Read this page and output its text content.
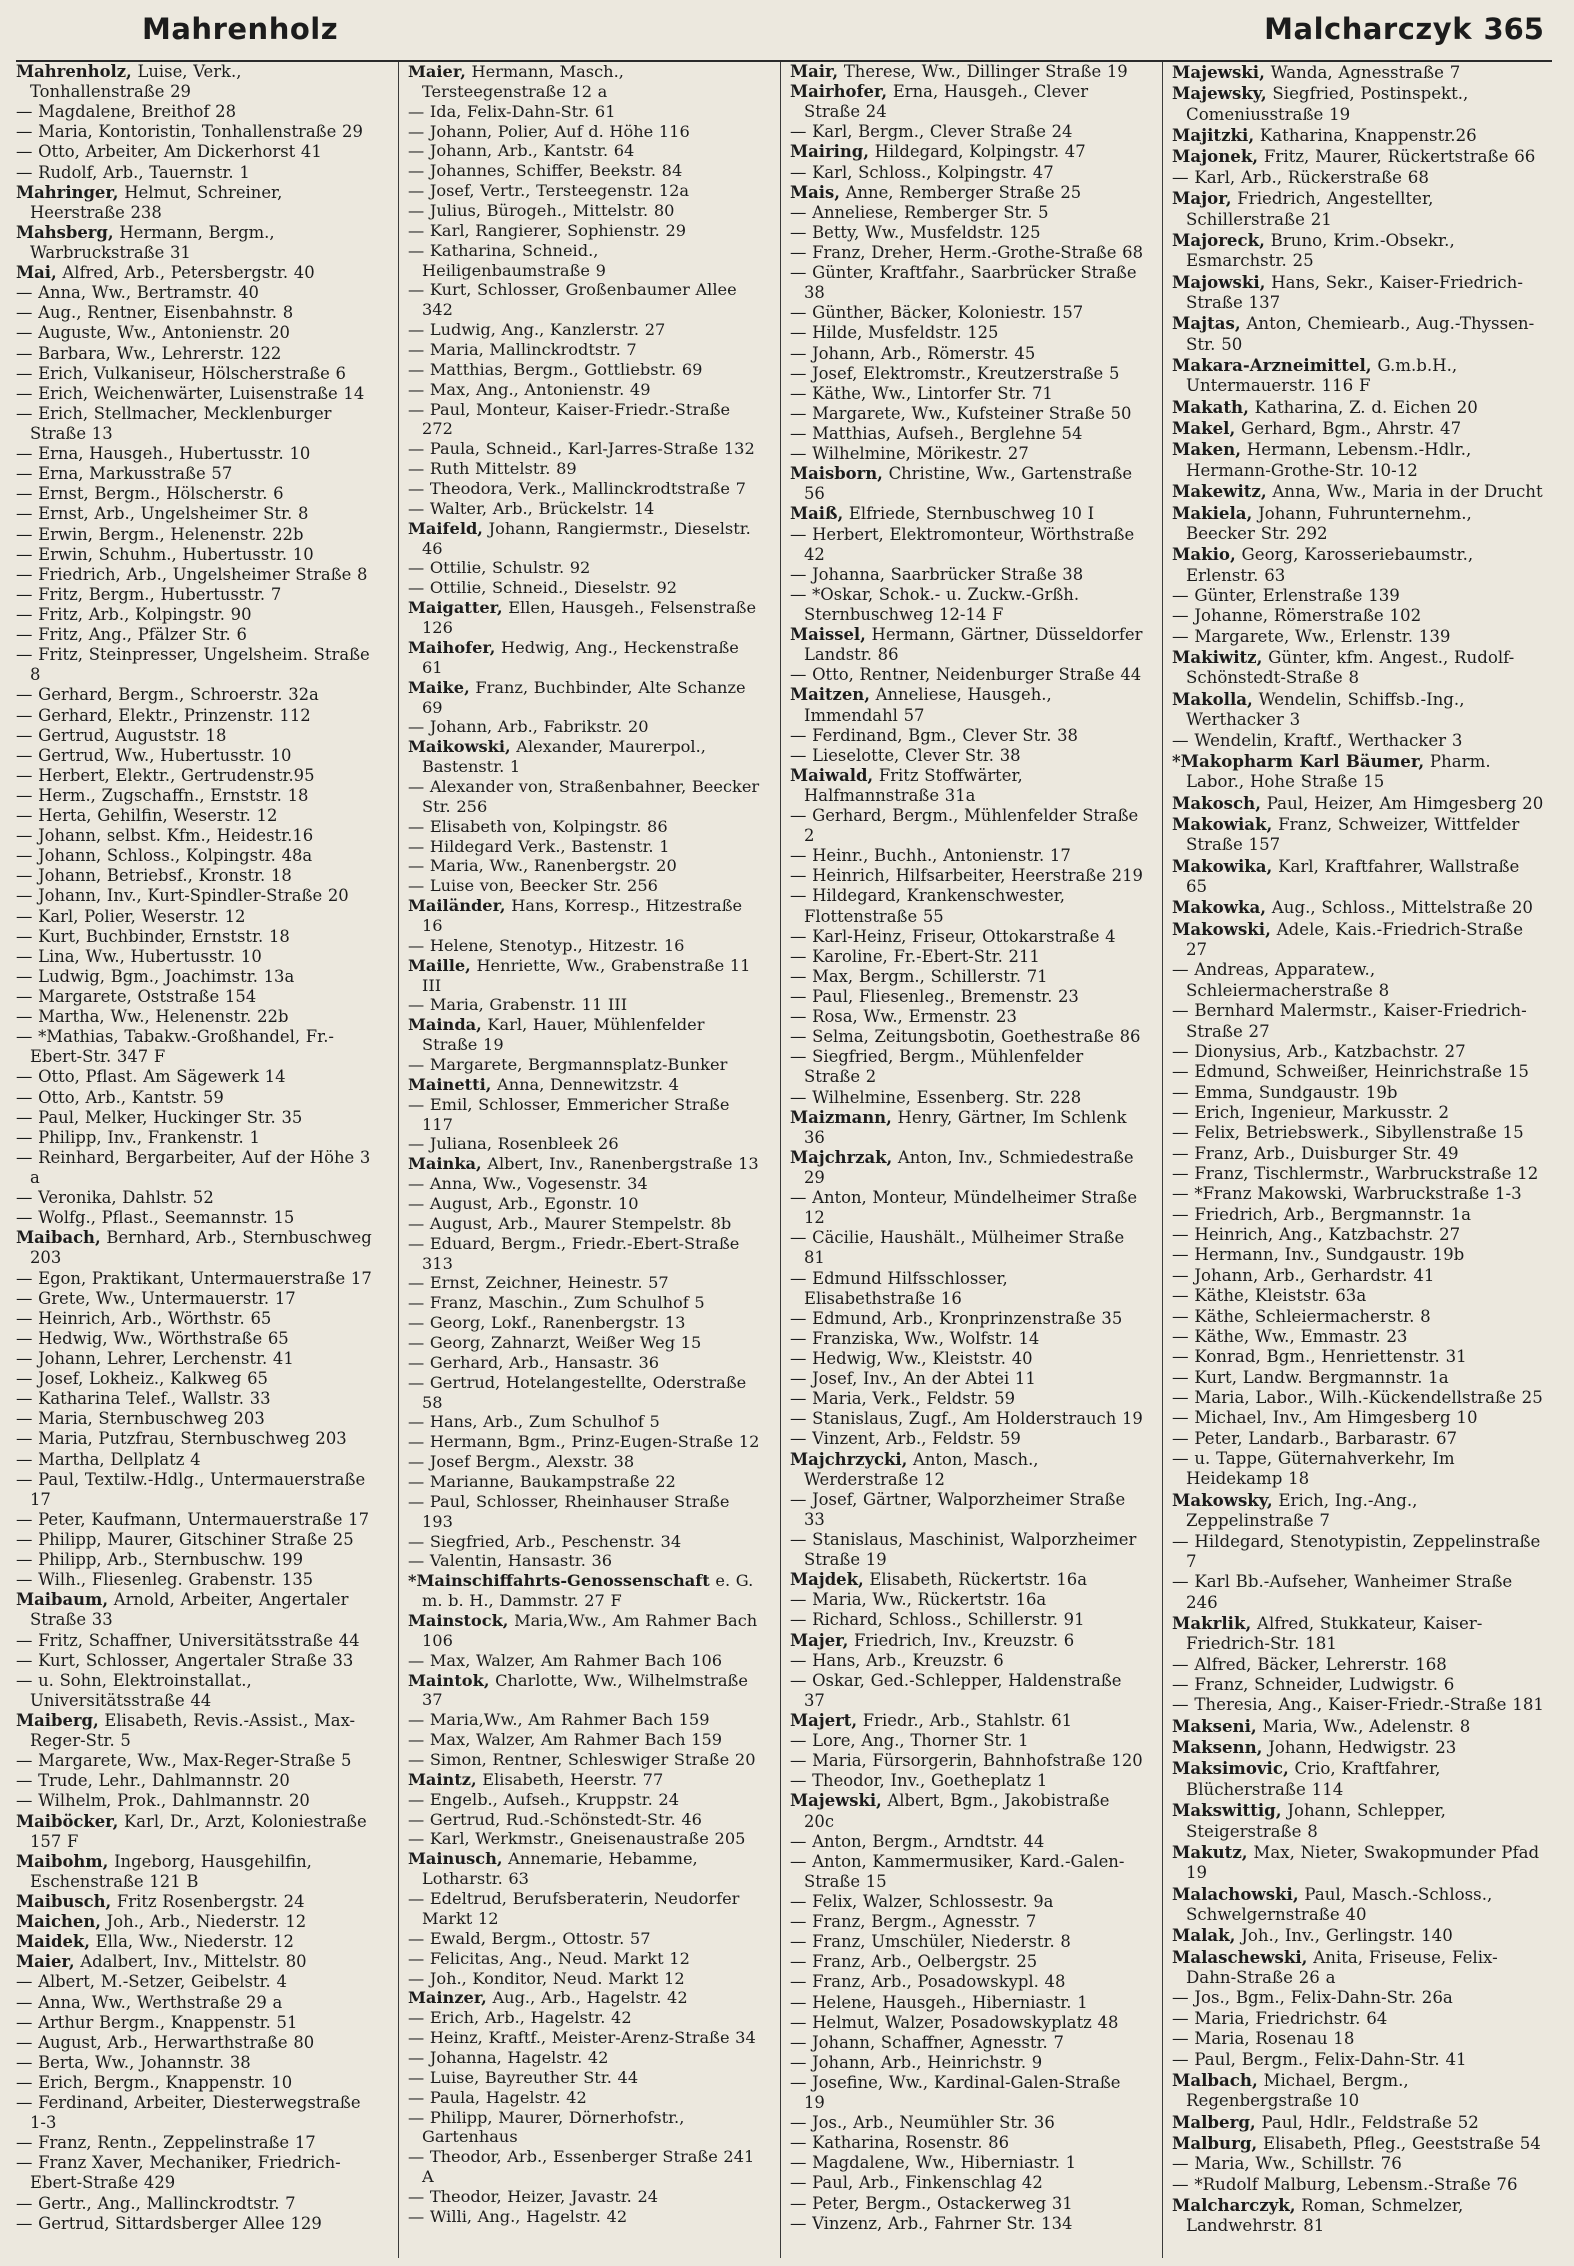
Mahrenholz	Malcharczyk 365

Mahrenholz, Luise, Verk., Tonhallenstraße 29

— Magdalene, Breithof 28

— Maria, Kontoristin, Tonhallenstraße 29

— Otto, Arbeiter, Am Dickerhorst 41

— Rudolf, Arb., Tauernstr. 1

Mahringer, Helmut, Schreiner, Heerstraße 238

Mahsberg, Hermann, Bergm., Warbruckstraße 31

Mai, Alfred, Arb., Petersbergstr. 40

— Anna, Ww., Bertramstr. 40

— Aug., Rentner, Eisenbahnstr. 8

— Auguste, Ww., Antonienstr. 20

— Barbara, Ww., Lehrerstr. 122

— Erich, Vulkaniseur, Hölscherstraße 6

— Erich, Weichenwärter, Luisenstraße 14

— Erich, Stellmacher, Mecklenburger Straße 13

— Erna, Hausgeh., Hubertusstr. 10

— Erna, Markusstraße 57

— Ernst, Bergm., Hölscherstr. 6

— Ernst, Arb., Ungelsheimer Str. 8

— Erwin, Bergm., Helenenstr. 22b

— Erwin, Schuhm., Hubertusstr. 10

— Friedrich, Arb., Ungelsheimer Straße 8

— Fritz, Bergm., Hubertusstr. 7

— Fritz, Arb., Kolpingstr. 90

— Fritz, Ang., Pfälzer Str. 6

— Fritz, Steinpresser, Ungelsheim. Straße 8

— Gerhard, Bergm., Schroerstr. 32a

— Gerhard, Elektr., Prinzenstr. 112

— Gertrud, Auguststr. 18

— Gertrud, Ww., Hubertusstr. 10

— Herbert, Elektr., Gertrudenstr.95

— Herm., Zugschaffn., Ernststr. 18

— Herta, Gehilfin, Weserstr. 12

— Johann, selbst. Kfm., Heidestr.16

— Johann, Schloss., Kolpingstr. 48a

— Johann, Betriebsf., Kronstr. 18

— Johann, Inv., Kurt-Spindler-Straße 20

— Karl, Polier, Weserstr. 12

— Kurt, Buchbinder, Ernststr. 18

— Lina, Ww., Hubertusstr. 10

— Ludwig, Bgm., Joachimstr. 13a

— Margarete, Oststraße 154

— Martha, Ww., Helenenstr. 22b

— *Mathias, Tabakw.-Großhandel, Fr.-Ebert-Str. 347 F

— Otto, Pflast. Am Sägewerk 14

— Otto, Arb., Kantstr. 59

— Paul, Melker, Huckinger Str. 35

— Philipp, Inv., Frankenstr. 1

— Reinhard, Bergarbeiter, Auf der Höhe 3 a

— Veronika, Dahlstr. 52

— Wolfg., Pflast., Seemannstr. 15

Maibach, Bernhard, Arb., Sternbuschweg 203

— Egon, Praktikant, Untermauerstraße 17

— Grete, Ww., Untermauerstr. 17

— Heinrich, Arb., Wörthstr. 65

— Hedwig, Ww., Wörthstraße 65

— Johann, Lehrer, Lerchenstr. 41

— Josef, Lokheiz., Kalkweg 65

— Katharina Telef., Wallstr. 33

— Maria, Sternbuschweg 203

— Maria, Putzfrau, Sternbuschweg 203

— Martha, Dellplatz 4

— Paul, Textilw.-Hdlg., Untermauerstraße 17

— Peter, Kaufmann, Untermauerstraße 17

— Philipp, Maurer, Gitschiner Straße 25

— Philipp, Arb., Sternbuschw. 199

— Wilh., Fliesenleg. Grabenstr. 135

Maibaum, Arnold, Arbeiter, Angertaler Straße 33

— Fritz, Schaffner, Universitätsstraße 44

— Kurt, Schlosser, Angertaler Straße 33

— u. Sohn, Elektroinstallat., Universitätsstraße 44

Maiberg, Elisabeth, Revis.-Assist., Max-Reger-Str. 5

— Margarete, Ww., Max-Reger-Straße 5

— Trude, Lehr., Dahlmannstr. 20

— Wilhelm, Prok., Dahlmannstr. 20

Maiböcker, Karl, Dr., Arzt, Koloniestraße 157 F

Maibohm, Ingeborg, Hausgehilfin, Eschenstraße 121 B

Maibusch, Fritz Rosenbergstr. 24

Maichen, Joh., Arb., Niederstr. 12

Maidek, Ella, Ww., Niederstr. 12

Maier, Adalbert, Inv., Mittelstr. 80

— Albert, M.-Setzer, Geibelstr. 4

— Anna, Ww., Werthstraße 29 a

— Arthur Bergm., Knappenstr. 51

— August, Arb., Herwarthstraße 80

— Berta, Ww., Johannstr. 38

— Erich, Bergm., Knappenstr. 10

— Ferdinand, Arbeiter, Diesterwegstraße 1-3

— Franz, Rentn., Zeppelinstraße 17

— Franz Xaver, Mechaniker, Friedrich-Ebert-Straße 429

— Gertr., Ang., Mallinckrodtstr. 7

— Gertrud, Sittardsberger Allee 129

Maier, Hermann, Masch., Tersteegenstraße 12 a

— Ida, Felix-Dahn-Str. 61

— Johann, Polier, Auf d. Höhe 116

— Johann, Arb., Kantstr. 64

— Johannes, Schiffer, Beekstr. 84

— Josef, Vertr., Tersteegenstr. 12a

— Julius, Bürogeh., Mittelstr. 80

— Karl, Rangierer, Sophienstr. 29

— Katharina, Schneid., Heiligenbaumstraße 9

— Kurt, Schlosser, Großenbaumer Allee 342

— Ludwig, Ang., Kanzlerstr. 27

— Maria, Mallinckrodtstr. 7

— Matthias, Bergm., Gottliebstr. 69

— Max, Ang., Antonienstr. 49

— Paul, Monteur, Kaiser-Friedr.-Straße 272

— Paula, Schneid., Karl-Jarres-Straße 132

— Ruth Mittelstr. 89

— Theodora, Verk., Mallinckrodtstraße 7

— Walter, Arb., Brückelstr. 14

Maifeld, Johann, Rangiermstr., Dieselstr. 46

— Ottilie, Schulstr. 92

— Ottilie, Schneid., Dieselstr. 92

Maigatter, Ellen, Hausgeh., Felsenstraße 126

Maihofer, Hedwig, Ang., Heckenstraße 61

Maike, Franz, Buchbinder, Alte Schanze 69

— Johann, Arb., Fabrikstr. 20

Maikowski, Alexander, Maurerpol., Bastenstr. 1

— Alexander von, Straßenbahner, Beecker Str. 256

— Elisabeth von, Kolpingstr. 86

— Hildegard Verk., Bastenstr. 1

— Maria, Ww., Ranenbergstr. 20

— Luise von, Beecker Str. 256

Mailänder, Hans, Korresp., Hitzestraße 16

— Helene, Stenotyp., Hitzestr. 16

Maille, Henriette, Ww., Grabenstraße 11 III

— Maria, Grabenstr. 11 III

Mainda, Karl, Hauer, Mühlenfelder Straße 19

— Margarete, Bergmannsplatz-Bunker

Mainetti, Anna, Dennewitzstr. 4

— Emil, Schlosser, Emmericher Straße 117

— Juliana, Rosenbleek 26

Mainka, Albert, Inv., Ranenbergstraße 13

— Anna, Ww., Vogesenstr. 34

— August, Arb., Egonstr. 10

— August, Arb., Maurer Stempelstr. 8b

— Eduard, Bergm., Friedr.-Ebert-Straße 313

— Ernst, Zeichner, Heinestr. 57

— Franz, Maschin., Zum Schulhof 5

— Georg, Lokf., Ranenbergstr. 13

— Georg, Zahnarzt, Weißer Weg 15

— Gerhard, Arb., Hansastr. 36

— Gertrud, Hotelangestellte, Oderstraße 58

— Hans, Arb., Zum Schulhof 5

— Hermann, Bgm., Prinz-Eugen-Straße 12

— Josef Bergm., Alexstr. 38

— Marianne, Baukampstraße 22

— Paul, Schlosser, Rheinhauser Straße 193

— Siegfried, Arb., Peschenstr. 34

— Valentin, Hansastr. 36

*Mainschiffahrts-Genossenschaft e. G. m. b. H., Dammstr. 27 F

Mainstock, Maria,Ww., Am Rahmer Bach 106

— Max, Walzer, Am Rahmer Bach 106

Maintok, Charlotte, Ww., Wilhelmstraße 37

— Maria,Ww., Am Rahmer Bach 159

— Max, Walzer, Am Rahmer Bach 159

— Simon, Rentner, Schleswiger Straße 20

Maintz, Elisabeth, Heerstr. 77

— Engelb., Aufseh., Kruppstr. 24

— Gertrud, Rud.-Schönstedt-Str. 46

— Karl, Werkmstr., Gneisenaustraße 205

Mainusch, Annemarie, Hebamme, Lotharstr. 63

— Edeltrud, Berufsberaterin, Neudorfer Markt 12

— Ewald, Bergm., Ottostr. 57

— Felicitas, Ang., Neud. Markt 12

— Joh., Konditor, Neud. Markt 12

Mainzer, Aug., Arb., Hagelstr. 42

— Erich, Arb., Hagelstr. 42

— Heinz, Kraftf., Meister-Arenz-Straße 34

— Johanna, Hagelstr. 42

— Luise, Bayreuther Str. 44

— Paula, Hagelstr. 42

— Philipp, Maurer, Dörnerhofstr., Gartenhaus

— Theodor, Arb., Essenberger Straße 241 A

— Theodor, Heizer, Javastr. 24

— Willi, Ang., Hagelstr. 42

Mair, Therese, Ww., Dillinger Straße 19

Mairhofer, Erna, Hausgeh., Clever Straße 24

— Karl, Bergm., Clever Straße 24

Mairing, Hildegard, Kolpingstr. 47

— Karl, Schloss., Kolpingstr. 47

Mais, Anne, Remberger Straße 25

— Anneliese, Remberger Str. 5

— Betty, Ww., Musfeldstr. 125

— Franz, Dreher, Herm.-Grothe-Straße 68

— Günter, Kraftfahr., Saarbrücker Straße 38

— Günther, Bäcker, Koloniestr. 157

— Hilde, Musfeldstr. 125

— Johann, Arb., Römerstr. 45

— Josef, Elektromstr., Kreutzerstraße 5

— Käthe, Ww., Lintorfer Str. 71

— Margarete, Ww., Kufsteiner Straße 50

— Matthias, Aufseh., Berglehne 54

— Wilhelmine, Mörikestr. 27

Maisborn, Christine, Ww., Gartenstraße 56

Maiß, Elfriede, Sternbuschweg 10 I

— Herbert, Elektromonteur, Wörthstraße 42

— Johanna, Saarbrücker Straße 38

— *Oskar, Schok.- u. Zuckw.-Grßh. Sternbuschweg 12-14 F

Maissel, Hermann, Gärtner, Düsseldorfer Landstr. 86

— Otto, Rentner, Neidenburger Straße 44

Maitzen, Anneliese, Hausgeh., Immendahl 57

— Ferdinand, Bgm., Clever Str. 38

— Lieselotte, Clever Str. 38

Maiwald, Fritz Stoffwärter, Halfmannstraße 31a

— Gerhard, Bergm., Mühlenfelder Straße 2

— Heinr., Buchh., Antonienstr. 17

— Heinrich, Hilfsarbeiter, Heerstraße 219

— Hildegard, Krankenschwester, Flottenstraße 55

— Karl-Heinz, Friseur, Ottokarstraße 4

— Karoline, Fr.-Ebert-Str. 211

— Max, Bergm., Schillerstr. 71

— Paul, Fliesenleg., Bremenstr. 23

— Rosa, Ww., Ermenstr. 23

— Selma, Zeitungsbotin, Goethestraße 86

— Siegfried, Bergm., Mühlenfelder Straße 2

— Wilhelmine, Essenberg. Str. 228

Maizmann, Henry, Gärtner, Im Schlenk 36

Majchrzak, Anton, Inv., Schmiedestraße 29

— Anton, Monteur, Mündelheimer Straße 12

— Cäcilie, Haushält., Mülheimer Straße 81

— Edmund Hilfsschlosser, Elisabethstraße 16

— Edmund, Arb., Kronprinzenstraße 35

— Franziska, Ww., Wolfstr. 14

— Hedwig, Ww., Kleiststr. 40

— Josef, Inv., An der Abtei 11

— Maria, Verk., Feldstr. 59

— Stanislaus, Zugf., Am Holderstrauch 19

— Vinzent, Arb., Feldstr. 59

Majchrzycki, Anton, Masch., Werderstraße 12

— Josef, Gärtner, Walporzheimer Straße 33

— Stanislaus, Maschinist, Walporzheimer Straße 19

Majdek, Elisabeth, Rückertstr. 16a

— Maria, Ww., Rückertstr. 16a

— Richard, Schloss., Schillerstr. 91

Majer, Friedrich, Inv., Kreuzstr. 6

— Hans, Arb., Kreuzstr. 6

— Oskar, Ged.-Schlepper, Haldenstraße 37

Majert, Friedr., Arb., Stahlstr. 61

— Lore, Ang., Thorner Str. 1

— Maria, Fürsorgerin, Bahnhofstraße 120

— Theodor, Inv., Goetheplatz 1

Majewski, Albert, Bgm., Jakobistraße 20c

— Anton, Bergm., Arndtstr. 44

— Anton, Kammermusiker, Kard.-Galen-Straße 15

— Felix, Walzer, Schlossestr. 9a

— Franz, Bergm., Agnesstr. 7

— Franz, Umschüler, Niederstr. 8

— Franz, Arb., Oelbergstr. 25

— Franz, Arb., Posadowskypl. 48

— Helene, Hausgeh., Hiberniastr. 1

— Helmut, Walzer, Posadowskyplatz 48

— Johann, Schaffner, Agnesstr. 7

— Johann, Arb., Heinrichstr. 9

— Josefine, Ww., Kardinal-Galen-Straße 19

— Jos., Arb., Neumühler Str. 36

— Katharina, Rosenstr. 86

— Magdalene, Ww., Hiberniastr. 1

— Paul, Arb., Finkenschlag 42

— Peter, Bergm., Ostackerweg 31

— Vinzenz, Arb., Fahrner Str. 134

Majewski, Wanda, Agnesstraße 7

Majewsky, Siegfried, Postinspekt., Comeniusstraße 19

Majitzki, Katharina, Knappenstr.26

Majonek, Fritz, Maurer, Rückertstraße 66

— Karl, Arb., Rückerstraße 68

Major, Friedrich, Angestellter, Schillerstraße 21

Majoreck, Bruno, Krim.-Obsekr., Esmarchstr. 25

Majowski, Hans, Sekr., Kaiser-Friedrich-Straße 137

Majtas, Anton, Chemiearb., Aug.-Thyssen-Str. 50

Makara-Arzneimittel, G.m.b.H., Untermauerstr. 116 F

Makath, Katharina, Z. d. Eichen 20

Makel, Gerhard, Bgm., Ahrstr. 47

Maken, Hermann, Lebensm.-Hdlr., Hermann-Grothe-Str. 10-12

Makewitz, Anna, Ww., Maria in der Drucht

Makiela, Johann, Fuhrunternehm., Beecker Str. 292

Makio, Georg, Karosseriebaumstr., Erlenstr. 63

— Günter, Erlenstraße 139

— Johanne, Römerstraße 102

— Margarete, Ww., Erlenstr. 139

Makiwitz, Günter, kfm. Angest., Rudolf-Schönstedt-Straße 8

Makolla, Wendelin, Schiffsb.-Ing., Werthacker 3

— Wendelin, Kraftf., Werthacker 3

*Makopharm Karl Bäumer, Pharm. Labor., Hohe Straße 15

Makosch, Paul, Heizer, Am Himgesberg 20

Makowiak, Franz, Schweizer, Wittfelder Straße 157

Makowika, Karl, Kraftfahrer, Wallstraße 65

Makowka, Aug., Schloss., Mittelstraße 20

Makowski, Adele, Kais.-Friedrich-Straße 27

— Andreas, Apparatew., Schleiermacherstraße 8

— Bernhard Malermstr., Kaiser-Friedrich-Straße 27

— Dionysius, Arb., Katzbachstr. 27

— Edmund, Schweißer, Heinrichstraße 15

— Emma, Sundgaustr. 19b

— Erich, Ingenieur, Markusstr. 2

— Felix, Betriebswerk., Sibyllenstraße 15

— Franz, Arb., Duisburger Str. 49

— Franz, Tischlermstr., Warbruckstraße 12

— *Franz Makowski, Warbruckstraße 1-3

— Friedrich, Arb., Bergmannstr. 1a

— Heinrich, Ang., Katzbachstr. 27

— Hermann, Inv., Sundgaustr. 19b

— Johann, Arb., Gerhardstr. 41

— Käthe, Kleiststr. 63a

— Käthe, Schleiermacherstr. 8

— Käthe, Ww., Emmastr. 23

— Konrad, Bgm., Henriettenstr. 31

— Kurt, Landw. Bergmannstr. 1a

— Maria, Labor., Wilh.-Kückendellstraße 25

— Michael, Inv., Am Himgesberg 10

— Peter, Landarb., Barbarastr. 67

— u. Tappe, Güternahverkehr, Im Heidekamp 18

Makowsky, Erich, Ing.-Ang., Zeppelinstraße 7

— Hildegard, Stenotypistin, Zeppelinstraße 7

— Karl Bb.-Aufseher, Wanheimer Straße 246

Makrlik, Alfred, Stukkateur, Kaiser-Friedrich-Str. 181

— Alfred, Bäcker, Lehrerstr. 168

— Franz, Schneider, Ludwigstr. 6

— Theresia, Ang., Kaiser-Friedr.-Straße 181

Makseni, Maria, Ww., Adelenstr. 8

Maksenn, Johann, Hedwigstr. 23

Maksimovic, Crio, Kraftfahrer, Blücherstraße 114

Makswittig, Johann, Schlepper, Steigerstraße 8

Makutz, Max, Nieter, Swakopmunder Pfad 19

Malachowski, Paul, Masch.-Schloss., Schwelgernstraße 40

Malak, Joh., Inv., Gerlingstr. 140

Malaschewski, Anita, Friseuse, Felix-Dahn-Straße 26 a

— Jos., Bgm., Felix-Dahn-Str. 26a

— Maria, Friedrichstr. 64

— Maria, Rosenau 18

— Paul, Bergm., Felix-Dahn-Str. 41

Malbach, Michael, Bergm., Regenbergstraße 10

Malberg, Paul, Hdlr., Feldstraße 52

Malburg, Elisabeth, Pfleg., Geeststraße 54

— Maria, Ww., Schillstr. 76

— *Rudolf Malburg, Lebensm.-Straße 76

Malcharczyk, Roman, Schmelzer, Landwehrstr. 81
